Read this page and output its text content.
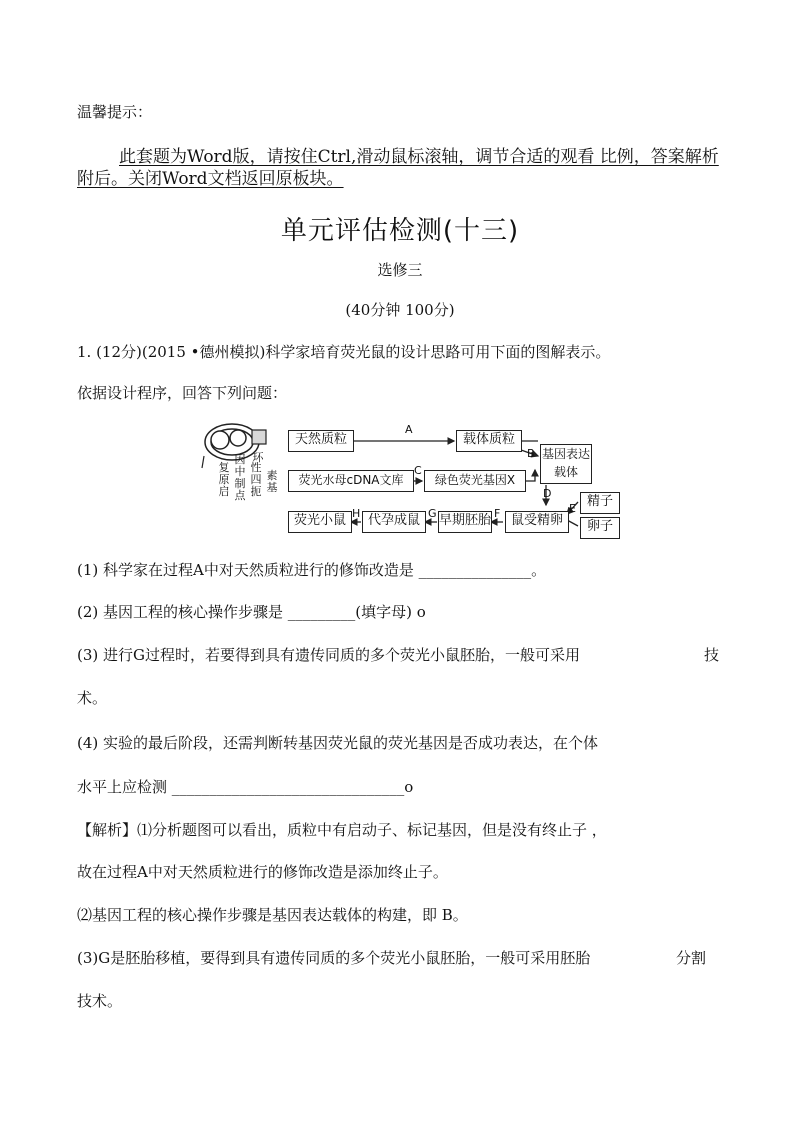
温馨提示：
此套题为Word版，请按住Ctrl,滑动鼠标滚轴，调节合适的观看 比例，答案解析附后。关闭Word文档返回原板块。
单元评估检测(十三)
选修三
(40分钟 100分)
1. (12分)(2015 •德州模拟)科学家培育荧光鼠的设计思路可用下面的图解表示。
依据设计程序，回答下列问题：
复原启
因中制点
性四扼
素基
环
天然质粒	载体质粒
基因表达载体
荧光水母cDNA文库	绿色荧光基因X
精子
卵子
鼠受精卵
早期胚胎
代孕成鼠
荧光小鼠
A
B
C
D
E
F
G
H
(1) 科学家在过程A中对天然质粒进行的修饰改造是 _______________。
(2) 基因工程的核心操作步骤是 _________(填字母) o
(3) 进行G过程时，若要得到具有遗传同质的多个荧光小鼠胚胎，一般可采用	技
术。
(4) 实验的最后阶段，还需判断转基因荧光鼠的荧光基因是否成功表达，在个体
水平上应检测 _______________________________o
【解析】⑴分析题图可以看出，质粒中有启动子、标记基因，但是没有终止子 ，
故在过程A中对天然质粒进行的修饰改造是添加终止子。
⑵基因工程的核心操作步骤是基因表达载体的构建，即 B。
(3)G是胚胎移植，要得到具有遗传同质的多个荧光小鼠胚胎，一般可采用胚胎	分割
技术。
